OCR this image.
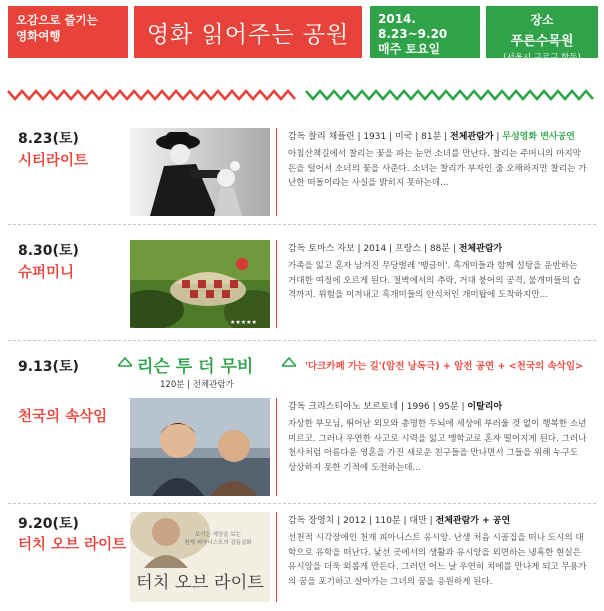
오감으로 즐기는
영화여행	영화 읽어주는 공원
2014.
8.23~9.20
매주 토요일 19:30
장소
푸른수목원
(서울시 구로구 항동)
8.23(토)
시티라이트
감독 찰리 채플린 | 1931 | 미국 | 81분 | 전체관람가 | 무성영화 변사공연
아침산책길에서 찰리는 꽃을 파는 눈먼 소녀를 만난다. 찰리는 주머니의 마지막 돈을 털어서 소녀의 꽃을 사준다. 소녀는 찰리가 부자인 줄 오해하지만 찰리는 가난한 떠돌이라는 사실을 밝히지 못하는데…
8.30(토)
슈퍼미니
★★★★★
감독 토마스 자보 | 2014 | 프랑스 | 88분 | 전체관람가
가족을 잃고 혼자 남겨진 무당벌레 '땡글이'. 흑개미들과 함께 설탕을 운반하는 거대한 여정에 오르게 된다. 절벽에서의 추락, 거대 붕어의 공격, 불개미들의 습격까지. 위험을 이겨내고 흑개미들의 안식처인 개미탑에 도착하지만…
9.13(토)	리슨 투 더 무비	'다크카페 가는 길'(암전 낭독극) + 암전 공연 + <천국의 속삭임>
120분 | 전체관람가
천국의 속삭임
감독 크리스티아노 보르토네 | 1996 | 95분 | 이탈리아
자상한 부모님, 뛰어난 외모와 총명한 두뇌에 세상에 부러울 것 없이 행복한 소년 미르코. 그러나 우연한 사고로 시력을 잃고 맹학교로 혼자 떨어지게 된다. 그러나 천사처럼 아름다운 영혼을 가진 새로운 친구들을 만나면서 그들을 위해 누구도 상상하지 못한 기적에 도전하는데…
9.20(토)
터치 오브 라이트
보이는 세상을 보는
천재 피아니스트의 감동실화
터치 오브 라이트
감독 장영치 | 2012 | 110분 | 대만 | 전체관람가 + 공연
선천적 시각장애인 천재 피아니스트 유시앙. 난생 처음 시골집을 떠나 도시의 대학으로 유학을 떠난다. 낯선 곳에서의 생활과 유시앙을 외면하는 냉혹한 현실은 유시앙을 더욱 외롭게 만든다. 그러던 어느 날 우연히 치에를 만나게 되고 무용가의 꿈을 포기하고 살아가는 그녀의 꿈을 응원하게 된다.
